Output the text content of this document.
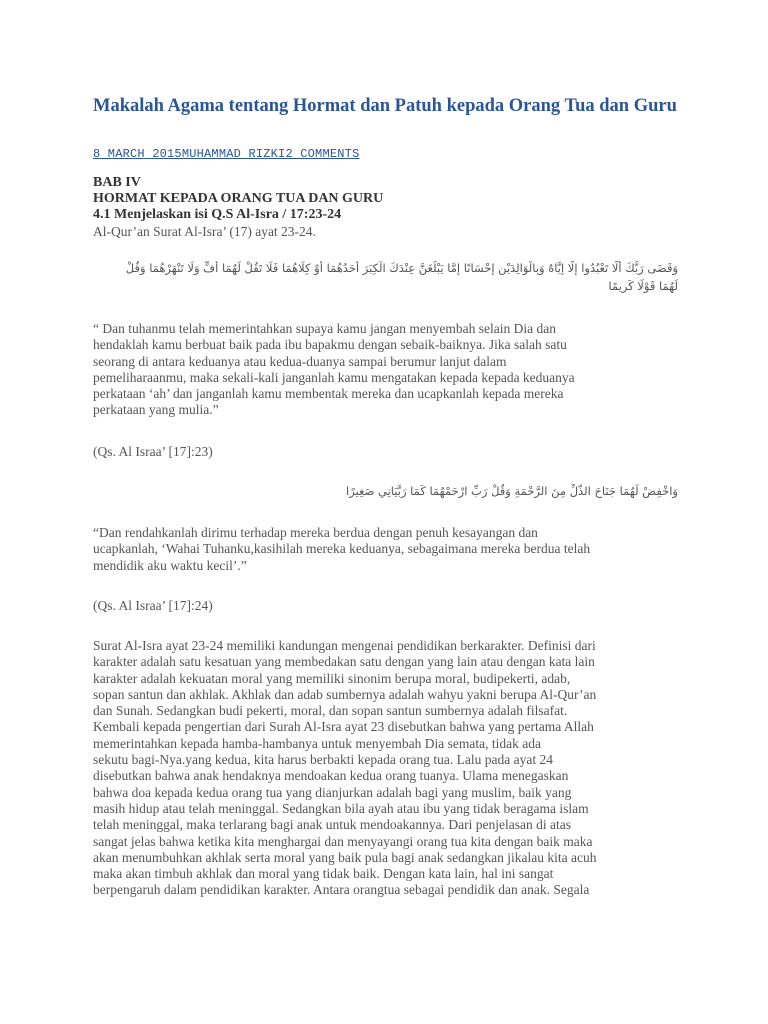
Makalah Agama tentang Hormat dan Patuh kepada Orang Tua dan Guru
8 MARCH 2015MUHAMMAD RIZKI2 COMMENTS
BAB IV
HORMAT KEPADA ORANG TUA DAN GURU
4.1 Menjelaskan isi Q.S Al-Isra / 17:23-24
Al-Qur’an Surat Al-Isra’ (17) ayat 23-24.
وَقَضَى رَبُّكَ أَلَّا تَعْبُدُوا إِلَّا إِيَّاهُ وَبِالْوَالِدَيْنِ إِحْسَانًا إِمَّا يَبْلُغَنَّ عِنْدَكَ الْكِبَرَ أَحَدُهُمَا أَوْ كِلَاهُمَا فَلَا تَقُلْ لَهُمَا أُفٍّ وَلَا تَنْهَرْهُمَا وَقُلْ
لَهُمَا قَوْلًا كَرِيمًا
“ Dan tuhanmu telah memerintahkan supaya kamu jangan menyembah selain Dia dan
hendaklah kamu berbuat baik pada ibu bapakmu dengan sebaik-baiknya. Jika salah satu
seorang di antara keduanya atau kedua-duanya sampai berumur lanjut dalam
pemeliharaanmu, maka sekali-kali janganlah kamu mengatakan kepada kepada keduanya
perkataan ‘ah’ dan janganlah kamu membentak mereka dan ucapkanlah kepada mereka
perkataan yang mulia.”
(Qs. Al Israa’ [17]:23)
وَاخْفِضْ لَهُمَا جَنَاحَ الذُّلِّ مِنَ الرَّحْمَةِ وَقُلْ رَبِّ ارْحَمْهُمَا كَمَا رَبَّيَانِي صَغِيرًا
“Dan rendahkanlah dirimu terhadap mereka berdua dengan penuh kesayangan dan
ucapkanlah, ‘Wahai Tuhanku,kasihilah mereka keduanya, sebagaimana mereka berdua telah
mendidik aku waktu kecil’.”
(Qs. Al Israa’ [17]:24)
Surat Al-Isra ayat 23-24 memiliki kandungan mengenai pendidikan berkarakter. Definisi dari
karakter adalah satu kesatuan yang membedakan satu dengan yang lain atau dengan kata lain
karakter adalah kekuatan moral yang memiliki sinonim berupa moral, budipekerti, adab,
sopan santun dan akhlak. Akhlak dan adab sumbernya adalah wahyu yakni berupa Al-Qur’an
dan Sunah. Sedangkan budi pekerti, moral, dan sopan santun sumbernya adalah filsafat.
Kembali kepada pengertian dari Surah Al-Isra ayat 23 disebutkan bahwa yang pertama Allah
memerintahkan kepada hamba-hambanya untuk menyembah Dia semata, tidak ada
sekutu bagi-Nya.yang kedua, kita harus berbakti kepada orang tua. Lalu pada ayat 24
disebutkan bahwa anak hendaknya mendoakan kedua orang tuanya. Ulama menegaskan
bahwa doa kepada kedua orang tua yang dianjurkan adalah bagi yang muslim, baik yang
masih hidup atau telah meninggal. Sedangkan bila ayah atau ibu yang tidak beragama islam
telah meninggal, maka terlarang bagi anak untuk mendoakannya. Dari penjelasan di atas
sangat jelas bahwa ketika kita menghargai dan menyayangi orang tua kita dengan baik maka
akan menumbuhkan akhlak serta moral yang baik pula bagi anak sedangkan jikalau kita acuh
maka akan timbuh akhlak dan moral yang tidak baik. Dengan kata lain, hal ini sangat
berpengaruh dalam pendidikan karakter. Antara orangtua sebagai pendidik dan anak. Segala
